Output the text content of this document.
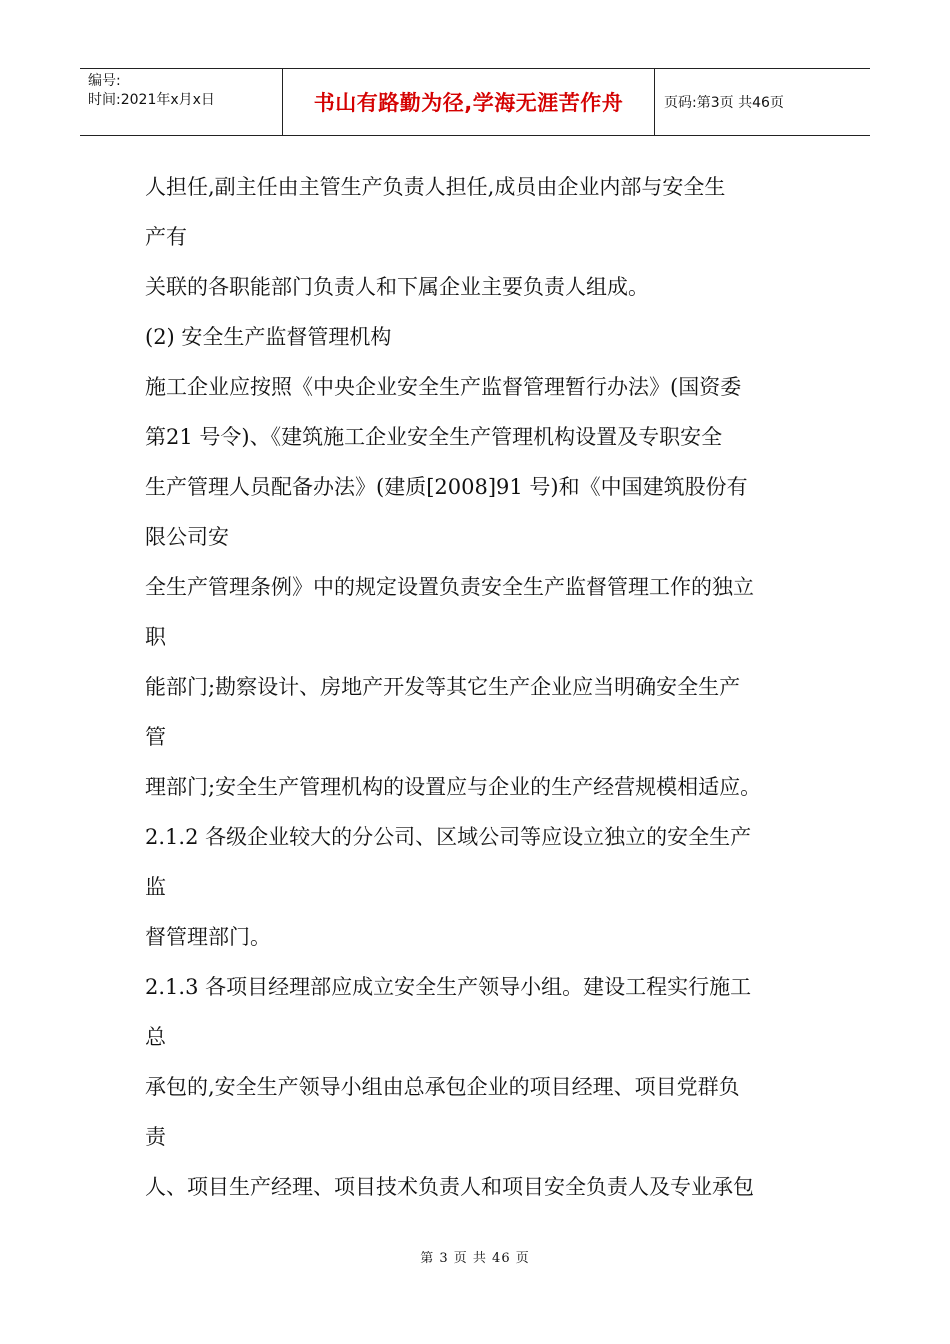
编号:
时间:2021年x月x日	书山有路勤为径,学海无涯苦作舟	页码:第3页 共46页
人担任,副主任由主管生产负责人担任,成员由企业内部与安全生
产有
关联的各职能部门负责人和下属企业主要负责人组成。
(2) 安全生产监督管理机构
施工企业应按照《中央企业安全生产监督管理暂行办法》(国资委
第21 号令)、《建筑施工企业安全生产管理机构设置及专职安全
生产管理人员配备办法》(建质[2008]91 号)和《中国建筑股份有
限公司安
全生产管理条例》中的规定设置负责安全生产监督管理工作的独立
职
能部门;勘察设计、房地产开发等其它生产企业应当明确安全生产
管
理部门;安全生产管理机构的设置应与企业的生产经营规模相适应。
2.1.2 各级企业较大的分公司、区域公司等应设立独立的安全生产
监
督管理部门。
2.1.3 各项目经理部应成立安全生产领导小组。建设工程实行施工
总
承包的,安全生产领导小组由总承包企业的项目经理、项目党群负
责
人、项目生产经理、项目技术负责人和项目安全负责人及专业承包
第 3 页 共 46 页
